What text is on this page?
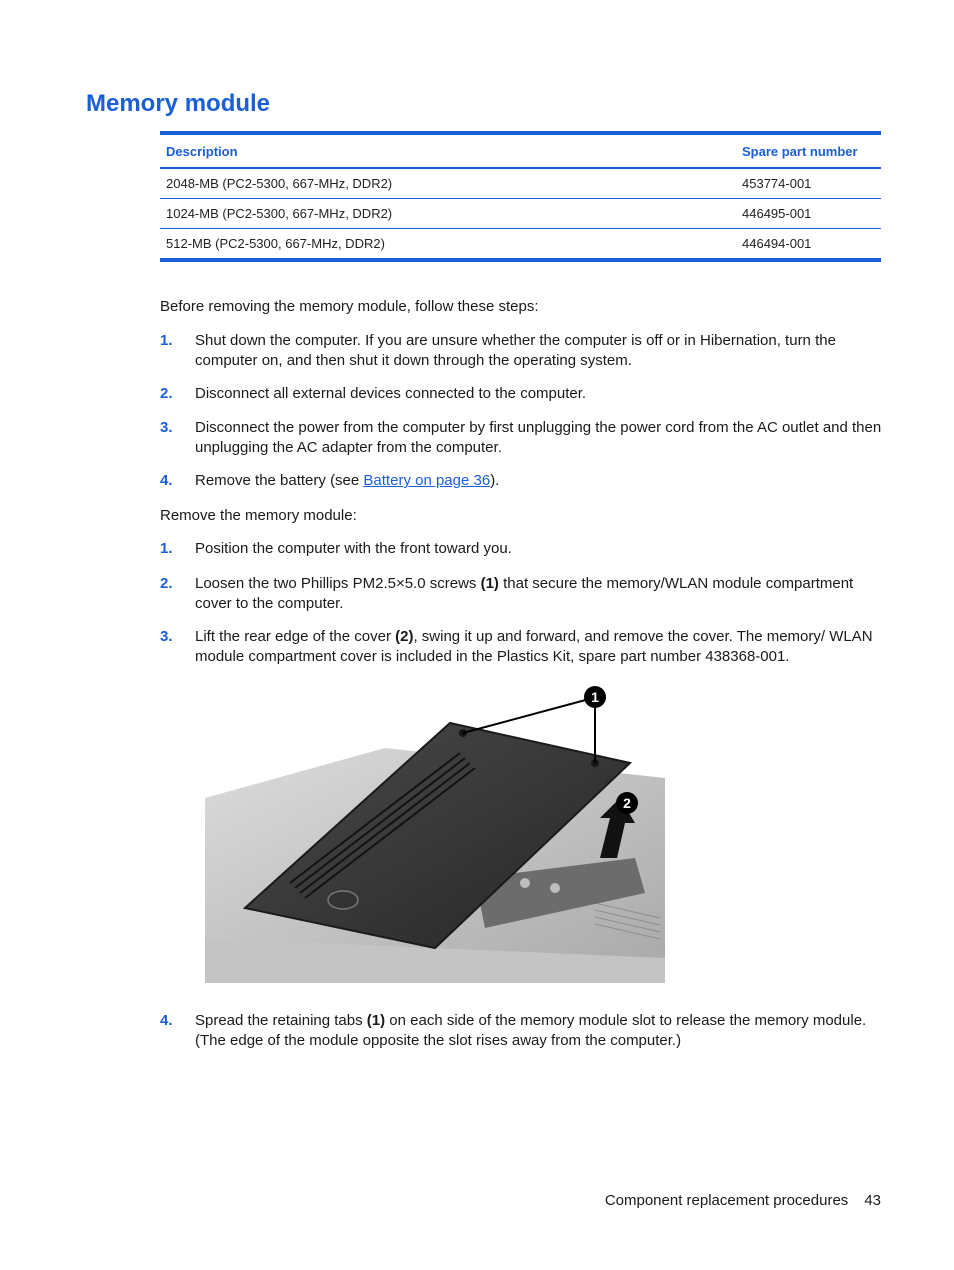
Memory module
Description	Spare part number
2048-MB (PC2-5300, 667-MHz, DDR2)	453774-001
1024-MB (PC2-5300, 667-MHz, DDR2)	446495-001
512-MB (PC2-5300, 667-MHz, DDR2)	446494-001

Before removing the memory module, follow these steps:

1. Shut down the computer. If you are unsure whether the computer is off or in Hibernation, turn the computer on, and then shut it down through the operating system.
2. Disconnect all external devices connected to the computer.
3. Disconnect the power from the computer by first unplugging the power cord from the AC outlet and then unplugging the AC adapter from the computer.
4. Remove the battery (see Battery on page 36).

Remove the memory module:

1. Position the computer with the front toward you.
2. Loosen the two Phillips PM2.5×5.0 screws (1) that secure the memory/WLAN module compartment cover to the computer.
3. Lift the rear edge of the cover (2), swing it up and forward, and remove the cover. The memory/ WLAN module compartment cover is included in the Plastics Kit, spare part number 438368-001.
1
2
4. Spread the retaining tabs (1) on each side of the memory module slot to release the memory module. (The edge of the module opposite the slot rises away from the computer.)
Component replacement procedures 43
